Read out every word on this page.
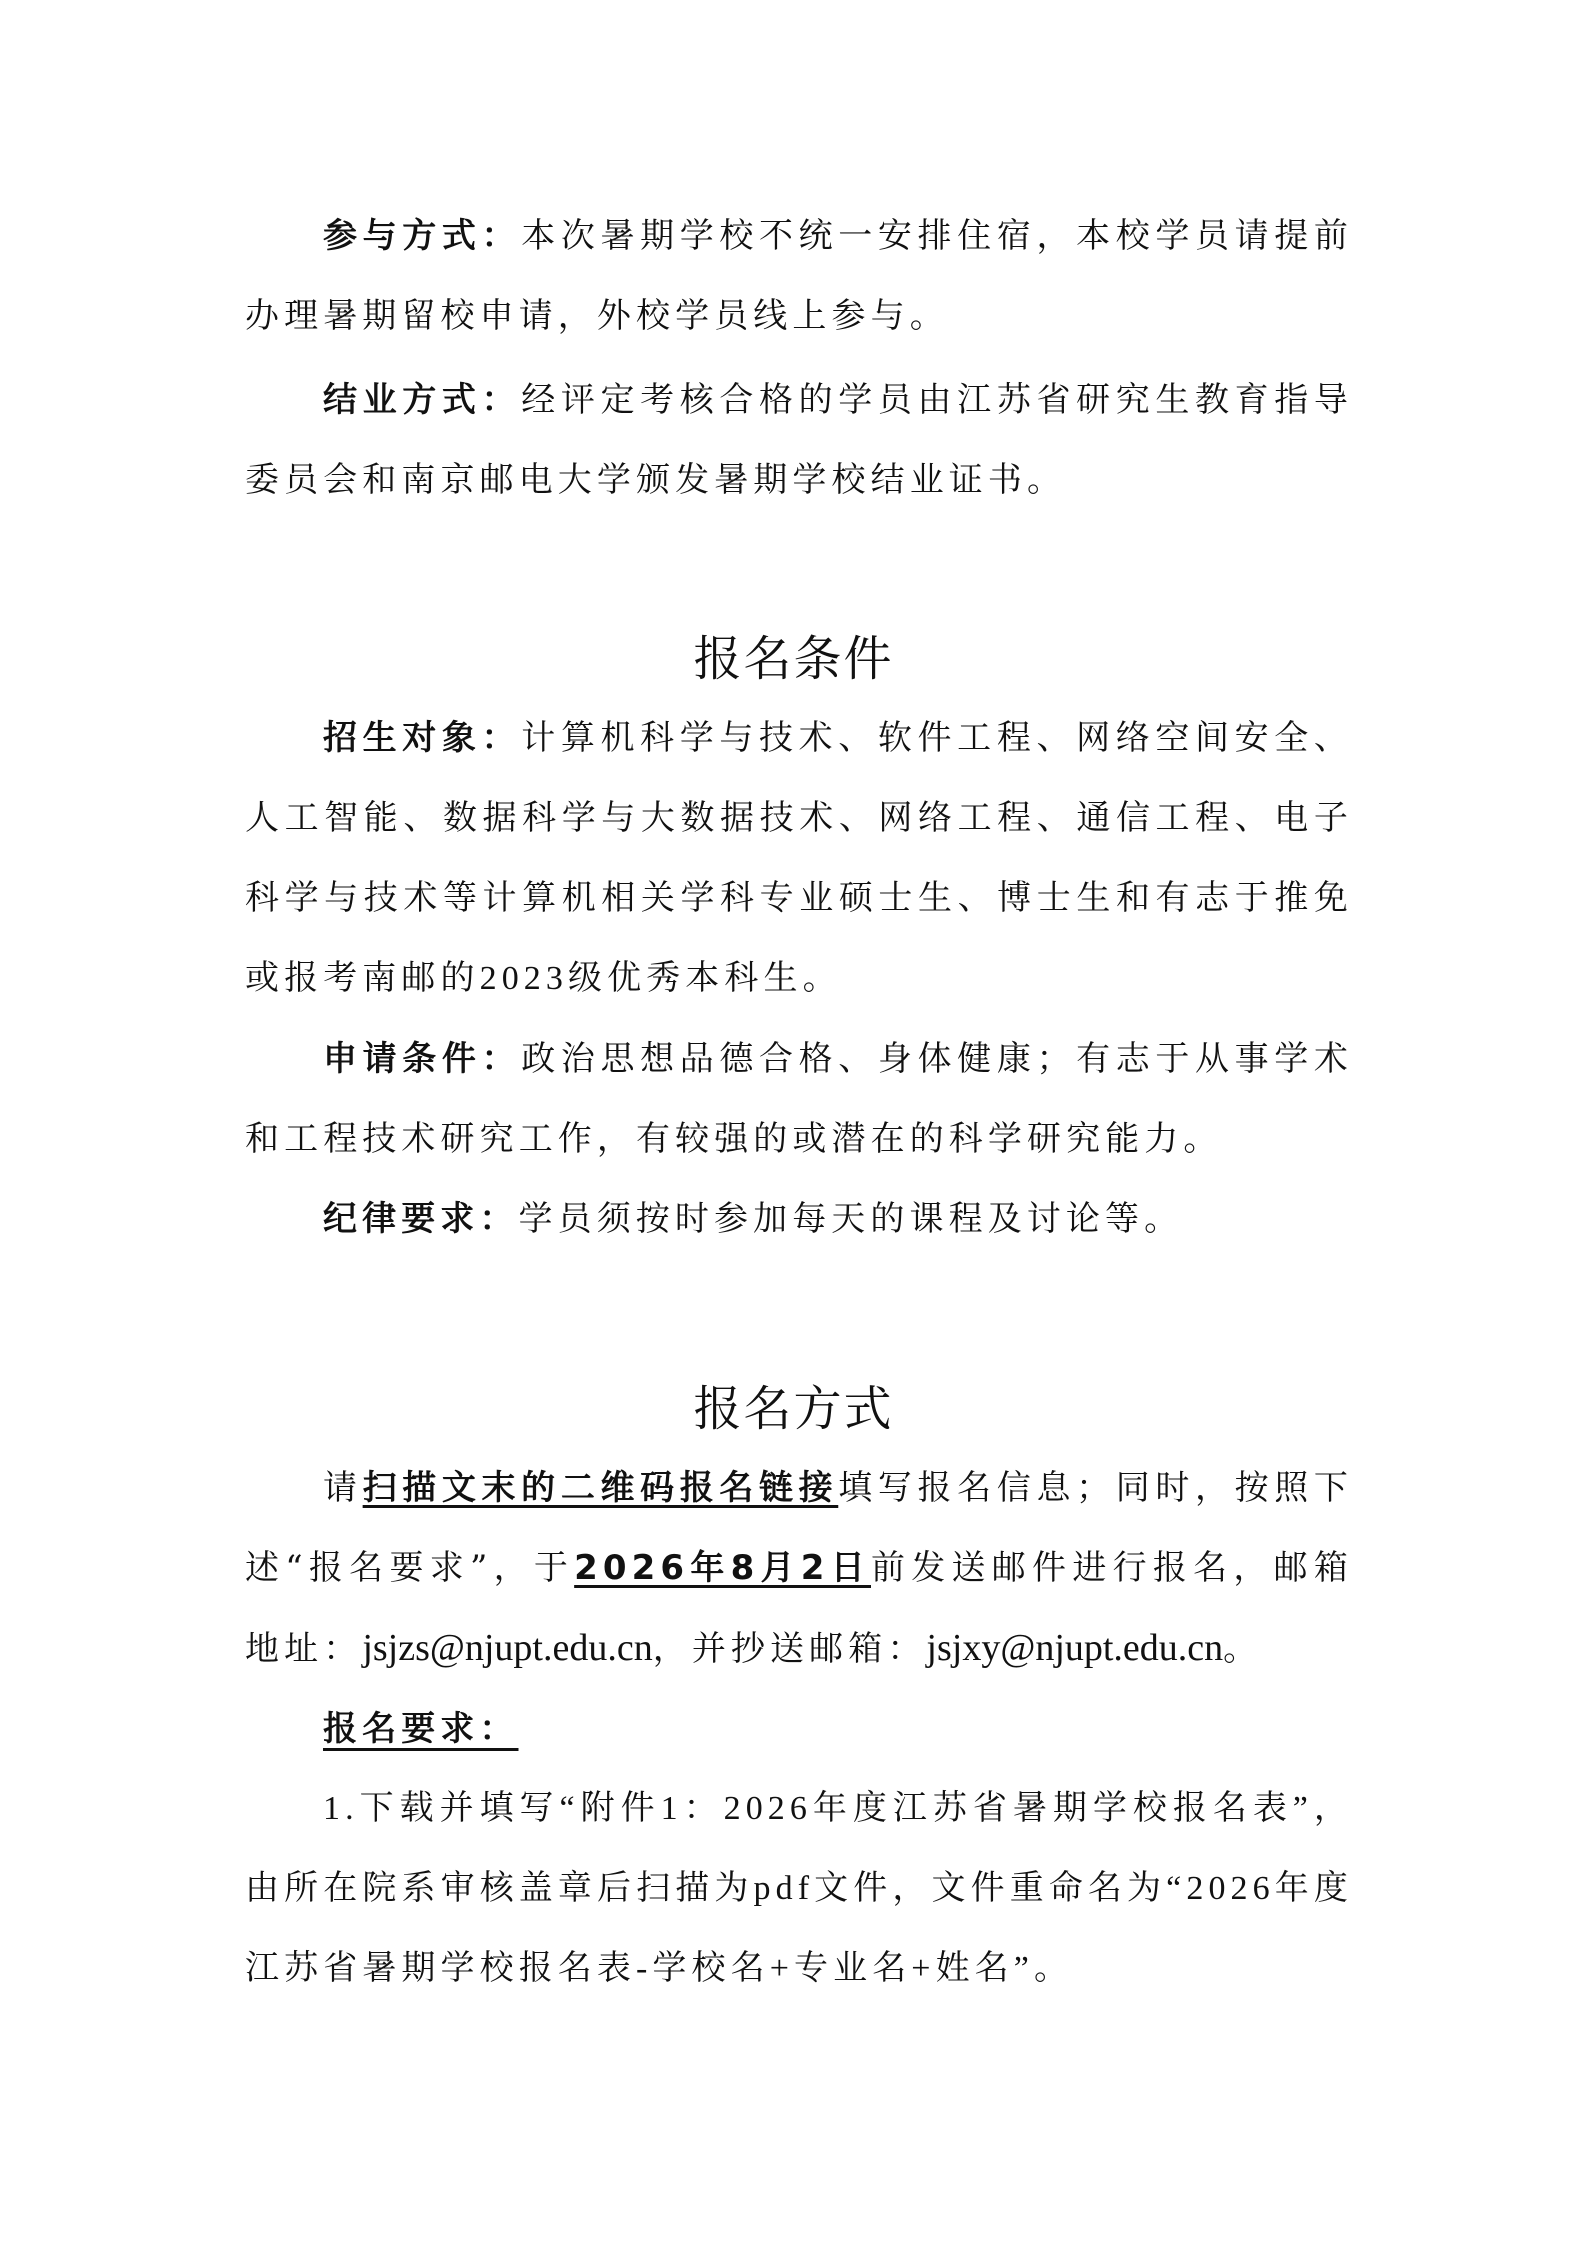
参与方式：本次暑期学校不统一安排住宿，本校学员请提前办理暑期留校申请，外校学员线上参与。

结业方式：经评定考核合格的学员由江苏省研究生教育指导委员会和南京邮电大学颁发暑期学校结业证书。

报名条件

招生对象：计算机科学与技术、软件工程、网络空间安全、人工智能、数据科学与大数据技术、网络工程、通信工程、电子科学与技术等计算机相关学科专业硕士生、博士生和有志于推免或报考南邮的2023级优秀本科生。

申请条件：政治思想品德合格、身体健康；有志于从事学术和工程技术研究工作，有较强的或潜在的科学研究能力。

纪律要求：学员须按时参加每天的课程及讨论等。

报名方式

请扫描文末的二维码报名链接填写报名信息；同时，按照下述“报名要求”，于2026年8月2日前发送邮件进行报名，邮箱地址：jsjzs@njupt.edu.cn，并抄送邮箱：jsjxy@njupt.edu.cn。

报名要求：

1.下载并填写“附件1：2026年度江苏省暑期学校报名表”，由所在院系审核盖章后扫描为pdf文件，文件重命名为“2026年度江苏省暑期学校报名表-学校名+专业名+姓名”。
